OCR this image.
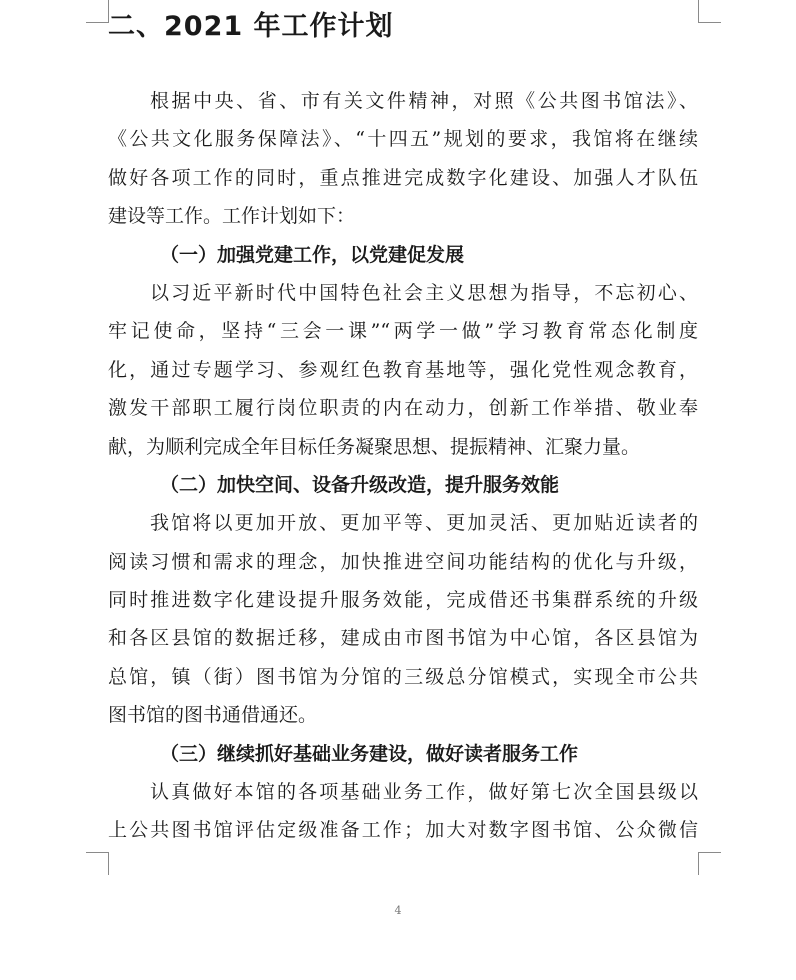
二、2021 年工作计划
根据中央、省、市有关文件精神，对照《公共图书馆法》、
《公共文化服务保障法》、“十四五”规划的要求，我馆将在继续
做好各项工作的同时，重点推进完成数字化建设、加强人才队伍
建设等工作。工作计划如下：
（一）加强党建工作，以党建促发展
以习近平新时代中国特色社会主义思想为指导，不忘初心、
牢记使命，坚持“三会一课”“两学一做”学习教育常态化制度
化，通过专题学习、参观红色教育基地等，强化党性观念教育，
激发干部职工履行岗位职责的内在动力，创新工作举措、敬业奉
献，为顺利完成全年目标任务凝聚思想、提振精神、汇聚力量。
（二）加快空间、设备升级改造，提升服务效能
我馆将以更加开放、更加平等、更加灵活、更加贴近读者的
阅读习惯和需求的理念，加快推进空间功能结构的优化与升级，
同时推进数字化建设提升服务效能，完成借还书集群系统的升级
和各区县馆的数据迁移，建成由市图书馆为中心馆，各区县馆为
总馆，镇（街）图书馆为分馆的三级总分馆模式，实现全市公共
图书馆的图书通借通还。
（三）继续抓好基础业务建设，做好读者服务工作
认真做好本馆的各项基础业务工作，做好第七次全国县级以
上公共图书馆评估定级准备工作；加大对数字图书馆、公众微信
4
